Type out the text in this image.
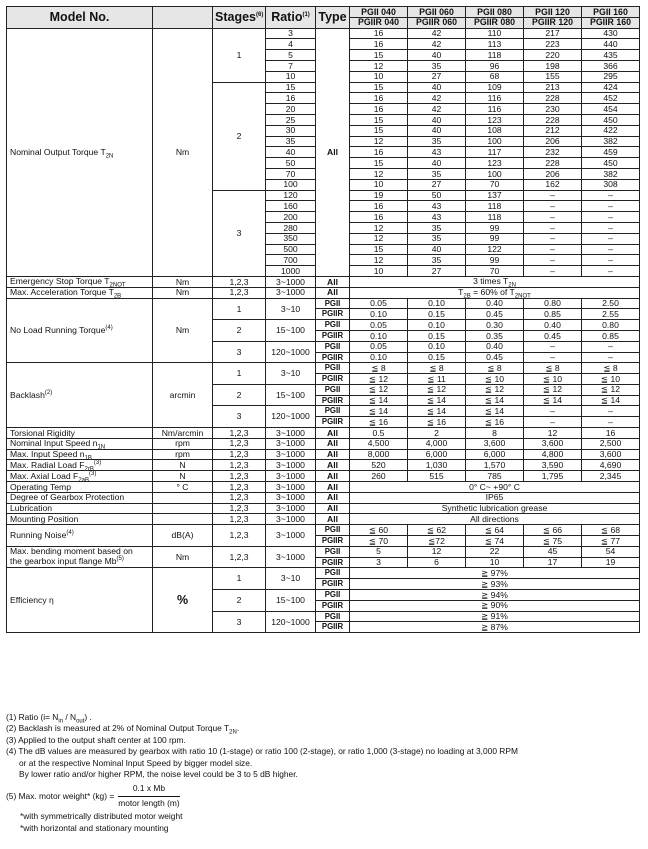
Model No.		Stages$^{(6)}$	Ratio$^{(1)}$	Type	PGII 040	PGII 060	PGII 080	PGII 120	PGII 160
					PGIIR 040	PGIIR 060	PGIIR 080	PGIIR 120	PGIIR 160
Nominal Output Torque $T_{2N}$	Nm	1	3	All	16	42	110	217	430
			4		16	42	113	223	440
			5		15	40	118	220	435
			7		12	35	96	198	366
			10		10	27	68	155	295
		2	15		15	40	109	213	424
			16		16	42	116	228	452
			20		16	42	116	230	454
			25		15	40	123	228	450
			30		15	40	108	212	422
			35		12	35	100	206	382
			40		16	43	117	232	459
			50		15	40	123	228	450
			70		12	35	100	206	382
			100		10	27	70	162	308
		3	120		19	50	137	–	–
			160		16	43	118	–	–
			200		16	43	118	–	–
			280		12	35	99	–	–
			350		12	35	99	–	–
			500		15	40	122	–	–
			700		12	35	99	–	–
			1000		10	27	70	–	–
Emergency Stop Torque $T_{2NOT}$	Nm	1,2,3	3~1000	All	3 times $T_{2N}$
Max. Acceleration Torque $T_{2B}$	Nm	1,2,3	3~1000	All	$T_{2B} = 60\%$ of $T_{2NOT}$
No Load Running Torque$^{(4)}$	Nm	1	3~10	PGII	0.05	0.10	0.40	0.80	2.50
				PGIIR	0.10	0.15	0.45	0.85	2.55
		2	15~100	PGII	0.05	0.10	0.30	0.40	0.80
				PGIIR	0.10	0.15	0.35	0.45	0.85
		3	120~1000	PGII	0.05	0.10	0.40	–	–
				PGIIR	0.10	0.15	0.45	–	–
Backlash$^{(2)}$	arcmin	1	3~10	PGII	≦ 8	≦ 8	≦ 8	≦ 8	≦ 8
				PGIIR	≦ 12	≦ 11	≦ 10	≦ 10	≦ 10
		2	15~100	PGII	≦ 12	≦ 12	≦ 12	≦ 12	≦ 12
				PGIIR	≦ 14	≦ 14	≦ 14	≦ 14	≦ 14
		3	120~1000	PGII	≦ 14	≦ 14	≦ 14	–	–
				PGIIR	≦ 16	≦ 16	≦ 16	–	–
Torsional Rigidity	Nm/arcmin	1,2,3	3~1000	All	0.5	2	8	12	16
Nominal Input Speed $n_{1N}$	rpm	1,2,3	3~1000	All	4,500	4,000	3,600	3,600	2,500
Max. Input Speed $n_{1B}$	rpm	1,2,3	3~1000	All	8,000	6,000	6,000	4,800	3,600
Max. Radial Load $F_{2rB}^{(3)}$	N	1,2,3	3~1000	All	520	1,030	1,570	3,590	4,690
Max. Axial Load $F_{2aB}^{(3)}$	N	1,2,3	3~1000	All	260	515	785	1,795	2,345
Operating Temp	° C	1,2,3	3~1000	All	0° C~ +90° C				
Degree of Gearbox Protection		1,2,3	3~1000	All	IP65				
Lubrication		1,2,3	3~1000	All	Synthetic lubrication grease				
Mounting Position		1,2,3	3~1000	All	All directions				
Running Noise$^{(4)}$	dB(A)	1,2,3	3~1000	PGII	≦ 60	≦ 62	≦ 64	≦ 66	≦ 68
				PGIIR	≦ 70	≦72	≦ 74	≦ 75	≦ 77
Max. bending moment based on
the gearbox input flange Mb$^{(5)}$	Nm	1,2,3	3~1000	PGII	5	12	22	45	54
				PGIIR	3	6	10	17	19
Efficiency η	%	1	3~10	PGII	≧ 97%				
				PGIIR	≧ 93%				
		2	15~100	PGII	≧ 94%				
				PGIIR	≧ 90%				
		3	120~1000	PGII	≧ 91%				
				PGIIR	≧ 87%				
(1) Ratio $(i= N_{in} / N_{out})$ .
(2) Backlash is measured at 2% of Nominal Output Torque $T_{2N}$.
(3) Applied to the output shaft center at 100 rpm.
(4) The dB values are measured by gearbox with ratio 10 (1-stage) or ratio 100 (2-stage), or ratio 1,000 (3-stage) no loading at 3,000 RPM
or at the respective Nominal Input Speed by bigger model size.
By lower ratio and/or higher RPM, the noise level could be 3 to 5 dB higher.
(5) Max. motor weight* $(kg) = \frac{\text{0.1 x Mb}}{\text{motor length (m)}}$
*with symmetrically distributed motor weight
*with horizontal and stationary mounting
